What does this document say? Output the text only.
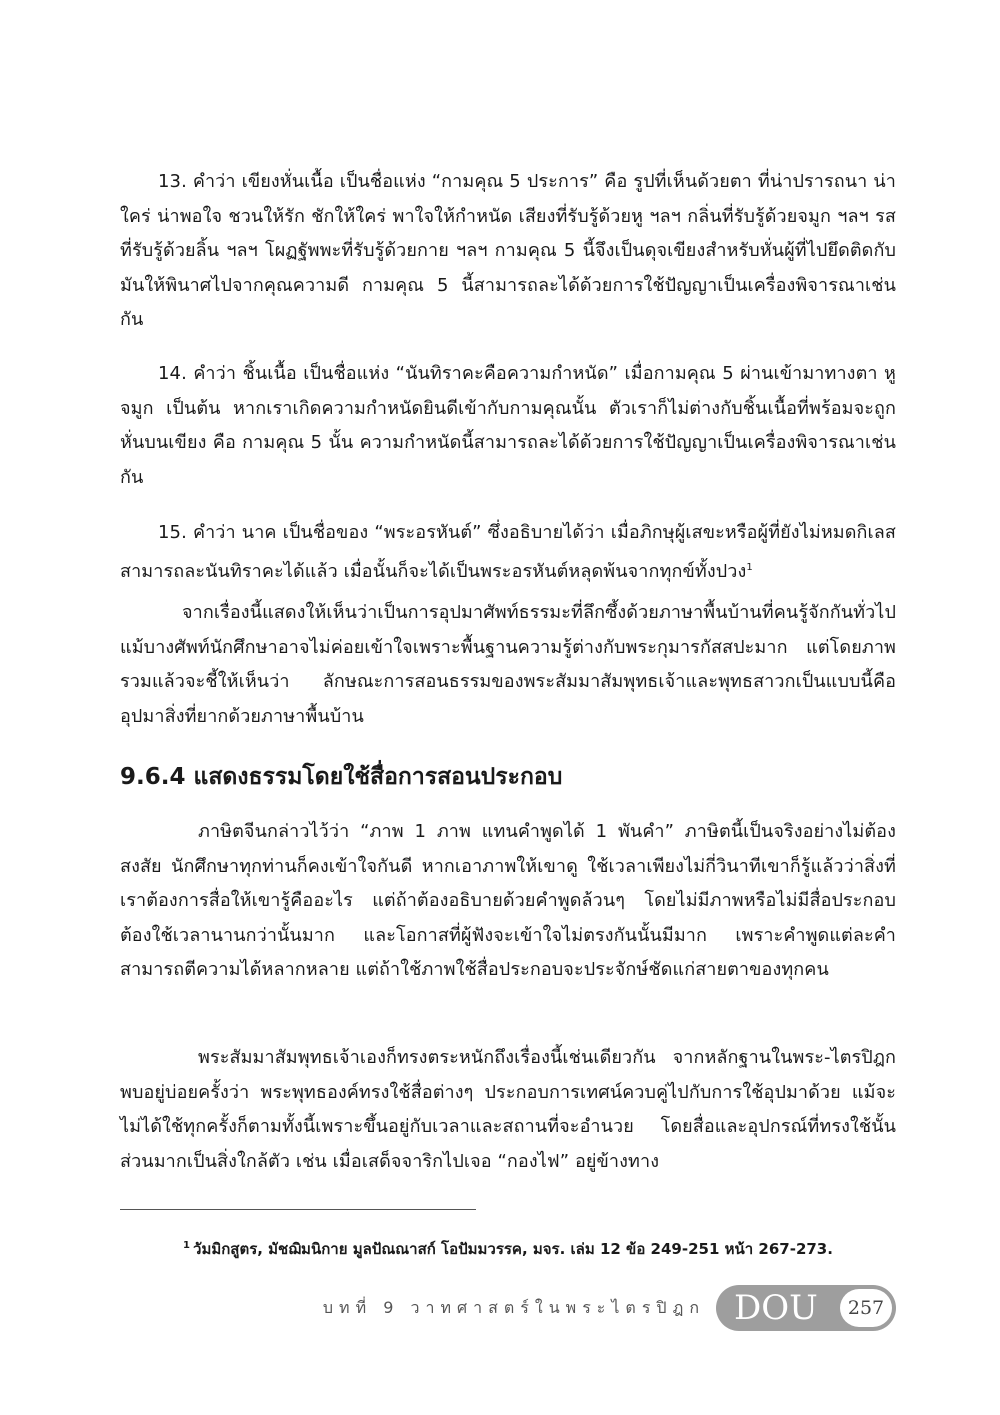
13. คำว่า เขียงหั่นเนื้อ เป็นชื่อแห่ง “กามคุณ 5 ประการ” คือ รูปที่เห็นด้วยตา ที่น่าปรารถนา น่าใคร่ น่าพอใจ ชวนให้รัก ชักให้ใคร่ พาใจให้กำหนัด เสียงที่รับรู้ด้วยหู ฯลฯ กลิ่นที่รับรู้ด้วยจมูก ฯลฯ รสที่รับรู้ด้วยลิ้น ฯลฯ โผฏฐัพพะที่รับรู้ด้วยกาย ฯลฯ กามคุณ 5 นี้จึงเป็นดุจเขียงสำหรับหั่นผู้ที่ไปยึดติดกับมันให้พินาศไปจากคุณความดี กามคุณ 5 นี้สามารถละได้ด้วยการใช้ปัญญาเป็นเครื่องพิจารณาเช่นกัน

14. คำว่า ชิ้นเนื้อ เป็นชื่อแห่ง “นันทิราคะคือความกำหนัด” เมื่อกามคุณ 5 ผ่านเข้ามาทางตา หู จมูก เป็นต้น หากเราเกิดความกำหนัดยินดีเข้ากับกามคุณนั้น ตัวเราก็ไม่ต่างกับชิ้นเนื้อที่พร้อมจะถูกหั่นบนเขียง คือ กามคุณ 5 นั้น ความกำหนัดนี้สามารถละได้ด้วยการใช้ปัญญาเป็นเครื่องพิจารณาเช่นกัน

15. คำว่า นาค เป็นชื่อของ “พระอรหันต์” ซึ่งอธิบายได้ว่า เมื่อภิกษุผู้เสขะหรือผู้ที่ยังไม่หมดกิเลส สามารถละนันทิราคะได้แล้ว เมื่อนั้นก็จะได้เป็นพระอรหันต์หลุดพ้นจากทุกข์ทั้งปวง$^1$

จากเรื่องนี้แสดงให้เห็นว่าเป็นการอุปมาศัพท์ธรรมะที่ลึกซึ้งด้วยภาษาพื้นบ้านที่คนรู้จักกันทั่วไปแม้บางศัพท์นักศึกษาอาจไม่ค่อยเข้าใจเพราะพื้นฐานความรู้ต่างกับพระกุมารกัสสปะมาก แต่โดยภาพรวมแล้วจะชี้ให้เห็นว่า ลักษณะการสอนธรรมของพระสัมมาสัมพุทธเจ้าและพุทธสาวกเป็นแบบนี้คือ อุปมาสิ่งที่ยากด้วยภาษาพื้นบ้าน

9.6.4 แสดงธรรมโดยใช้สื่อการสอนประกอบ

ภาษิตจีนกล่าวไว้ว่า “ภาพ 1 ภาพ แทนคำพูดได้ 1 พันคำ” ภาษิตนี้เป็นจริงอย่างไม่ต้องสงสัย นักศึกษาทุกท่านก็คงเข้าใจกันดี หากเอาภาพให้เขาดู ใช้เวลาเพียงไม่กี่วินาทีเขาก็รู้แล้วว่าสิ่งที่เราต้องการสื่อให้เขารู้คืออะไร แต่ถ้าต้องอธิบายด้วยคำพูดล้วนๆ โดยไม่มีภาพหรือไม่มีสื่อประกอบต้องใช้เวลานานกว่านั้นมาก และโอกาสที่ผู้ฟังจะเข้าใจไม่ตรงกันนั้นมีมาก เพราะคำพูดแต่ละคำสามารถตีความได้หลากหลาย แต่ถ้าใช้ภาพใช้สื่อประกอบจะประจักษ์ชัดแก่สายตาของทุกคน

พระสัมมาสัมพุทธเจ้าเองก็ทรงตระหนักถึงเรื่องนี้เช่นเดียวกัน จากหลักฐานในพระ-ไตรปิฎกพบอยู่บ่อยครั้งว่า พระพุทธองค์ทรงใช้สื่อต่างๆ ประกอบการเทศน์ควบคู่ไปกับการใช้อุปมาด้วย แม้จะไม่ได้ใช้ทุกครั้งก็ตามทั้งนี้เพราะขึ้นอยู่กับเวลาและสถานที่จะอำนวย โดยสื่อและอุปกรณ์ที่ทรงใช้นั้นส่วนมากเป็นสิ่งใกล้ตัว เช่น เมื่อเสด็จจาริกไปเจอ “กองไฟ” อยู่ข้างทาง

$^1$ วัมมิกสูตร, มัชฌิมนิกาย มูลปัณณาสก์ โอปัมมวรรค, มจร. เล่ม 12 ข้อ 249-251 หน้า 267-273.

บทที่ 9 วาทศาสตร์ในพระไตรปิฎก DOU	257
